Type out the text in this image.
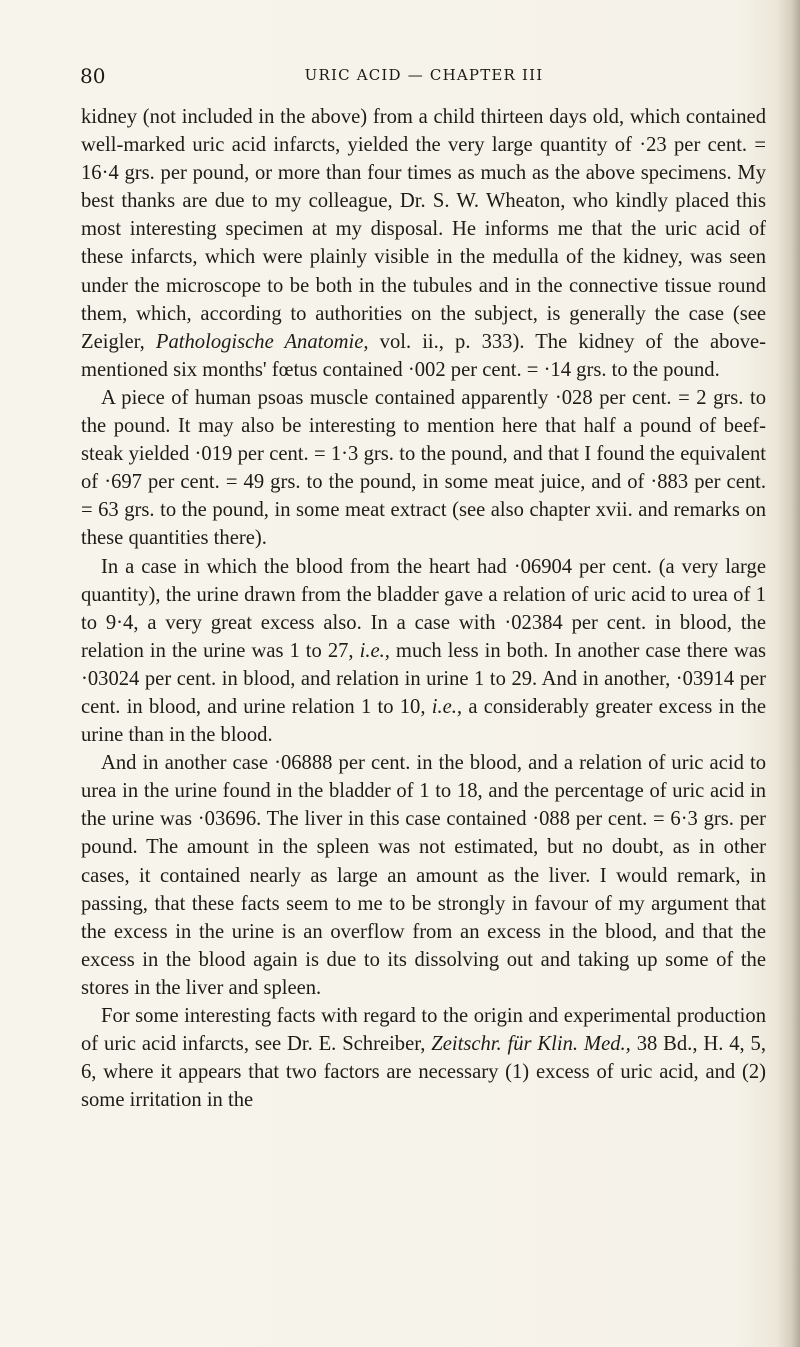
80	URIC ACID — CHAPTER III

kidney (not included in the above) from a child thirteen days old, which contained well-marked uric acid infarcts, yielded the very large quantity of ·23 per cent. = 16·4 grs. per pound, or more than four times as much as the above specimens. My best thanks are due to my colleague, Dr. S. W. Wheaton, who kindly placed this most interesting specimen at my disposal. He informs me that the uric acid of these infarcts, which were plainly visible in the medulla of the kidney, was seen under the microscope to be both in the tubules and in the connective tissue round them, which, according to authorities on the subject, is generally the case (see Zeigler, Pathologische Anatomie, vol. ii., p. 333). The kidney of the above-mentioned six months' fœtus contained ·002 per cent. = ·14 grs. to the pound.

A piece of human psoas muscle contained apparently ·028 per cent. = 2 grs. to the pound. It may also be interesting to mention here that half a pound of beef-steak yielded ·019 per cent. = 1·3 grs. to the pound, and that I found the equivalent of ·697 per cent. = 49 grs. to the pound, in some meat juice, and of ·883 per cent. = 63 grs. to the pound, in some meat extract (see also chapter xvii. and remarks on these quantities there).

In a case in which the blood from the heart had ·06904 per cent. (a very large quantity), the urine drawn from the bladder gave a relation of uric acid to urea of 1 to 9·4, a very great excess also. In a case with ·02384 per cent. in blood, the relation in the urine was 1 to 27, i.e., much less in both. In another case there was ·03024 per cent. in blood, and relation in urine 1 to 29. And in another, ·03914 per cent. in blood, and urine relation 1 to 10, i.e., a considerably greater excess in the urine than in the blood.

And in another case ·06888 per cent. in the blood, and a relation of uric acid to urea in the urine found in the bladder of 1 to 18, and the percentage of uric acid in the urine was ·03696. The liver in this case contained ·088 per cent. = 6·3 grs. per pound. The amount in the spleen was not estimated, but no doubt, as in other cases, it contained nearly as large an amount as the liver. I would remark, in passing, that these facts seem to me to be strongly in favour of my argument that the excess in the urine is an overflow from an excess in the blood, and that the excess in the blood again is due to its dissolving out and taking up some of the stores in the liver and spleen.

For some interesting facts with regard to the origin and experimental production of uric acid infarcts, see Dr. E. Schreiber, Zeitschr. für Klin. Med., 38 Bd., H. 4, 5, 6, where it appears that two factors are necessary (1) excess of uric acid, and (2) some irritation in the
